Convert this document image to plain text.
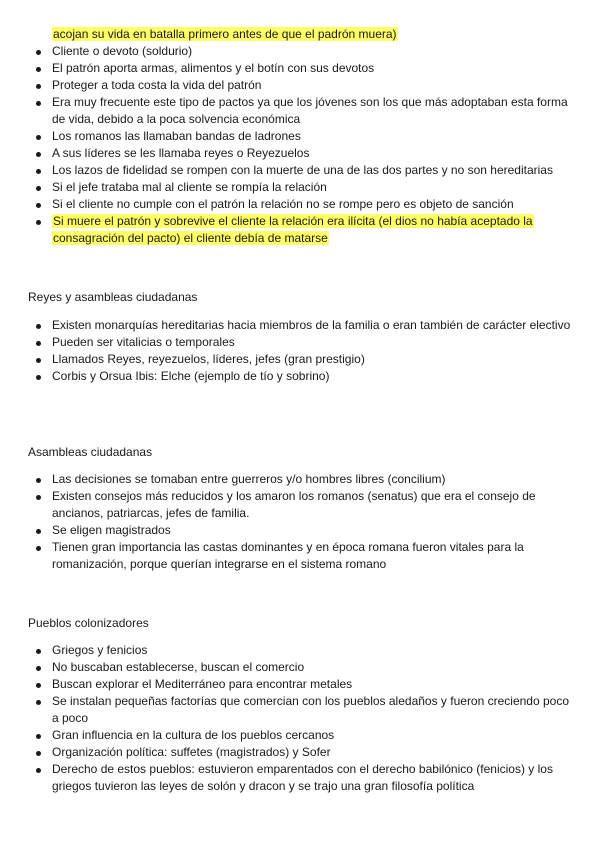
acojan su vida en batalla primero antes de que el padrón muera)
Cliente o devoto (soldurio)
El patrón aporta armas, alimentos y el botín con sus devotos
Proteger a toda costa la vida del patrón
Era muy frecuente este tipo de pactos ya que los jóvenes son los que más adoptaban esta forma de vida, debido a la poca solvencia económica
Los romanos las llamaban bandas de ladrones
A sus líderes se les llamaba reyes o Reyezuelos
Los lazos de fidelidad se rompen con la muerte de una de las dos partes y no son hereditarias
Si el jefe trataba mal al cliente se rompía la relación
Si el cliente no cumple con el patrón la relación no se rompe pero es objeto de sanción
Si muere el patrón y sobrevive el cliente la relación era ilícita (el dios no había aceptado la consagración del pacto) el cliente debía de matarse
Reyes y asambleas ciudadanas
Existen monarquías hereditarias hacia miembros de la familia o eran también de carácter electivo
Pueden ser vitalicias o temporales
Llamados Reyes, reyezuelos, líderes, jefes (gran prestigio)
Corbis y Orsua Ibis: Elche (ejemplo de tío y sobrino)
Asambleas ciudadanas
Las decisiones se tomaban entre guerreros y/o hombres libres (concilium)
Existen consejos más reducidos y los amaron los romanos (senatus) que era el consejo de ancianos, patriarcas, jefes de familia.
Se eligen magistrados
Tienen gran importancia las castas dominantes y en época romana fueron vitales para la romanización, porque querían integrarse en el sistema romano
Pueblos colonizadores
Griegos y fenicios
No buscaban establecerse, buscan el comercio
Buscan explorar el Mediterráneo para encontrar metales
Se instalan pequeñas factorías que comercian con los pueblos aledaños y fueron creciendo poco a poco
Gran influencia en la cultura de los pueblos cercanos
Organización política: suffetes (magistrados) y Sofer
Derecho de estos pueblos: estuvieron emparentados con el derecho babilónico (fenicios) y los griegos tuvieron las leyes de solón y dracon y se trajo una gran filosofía política
